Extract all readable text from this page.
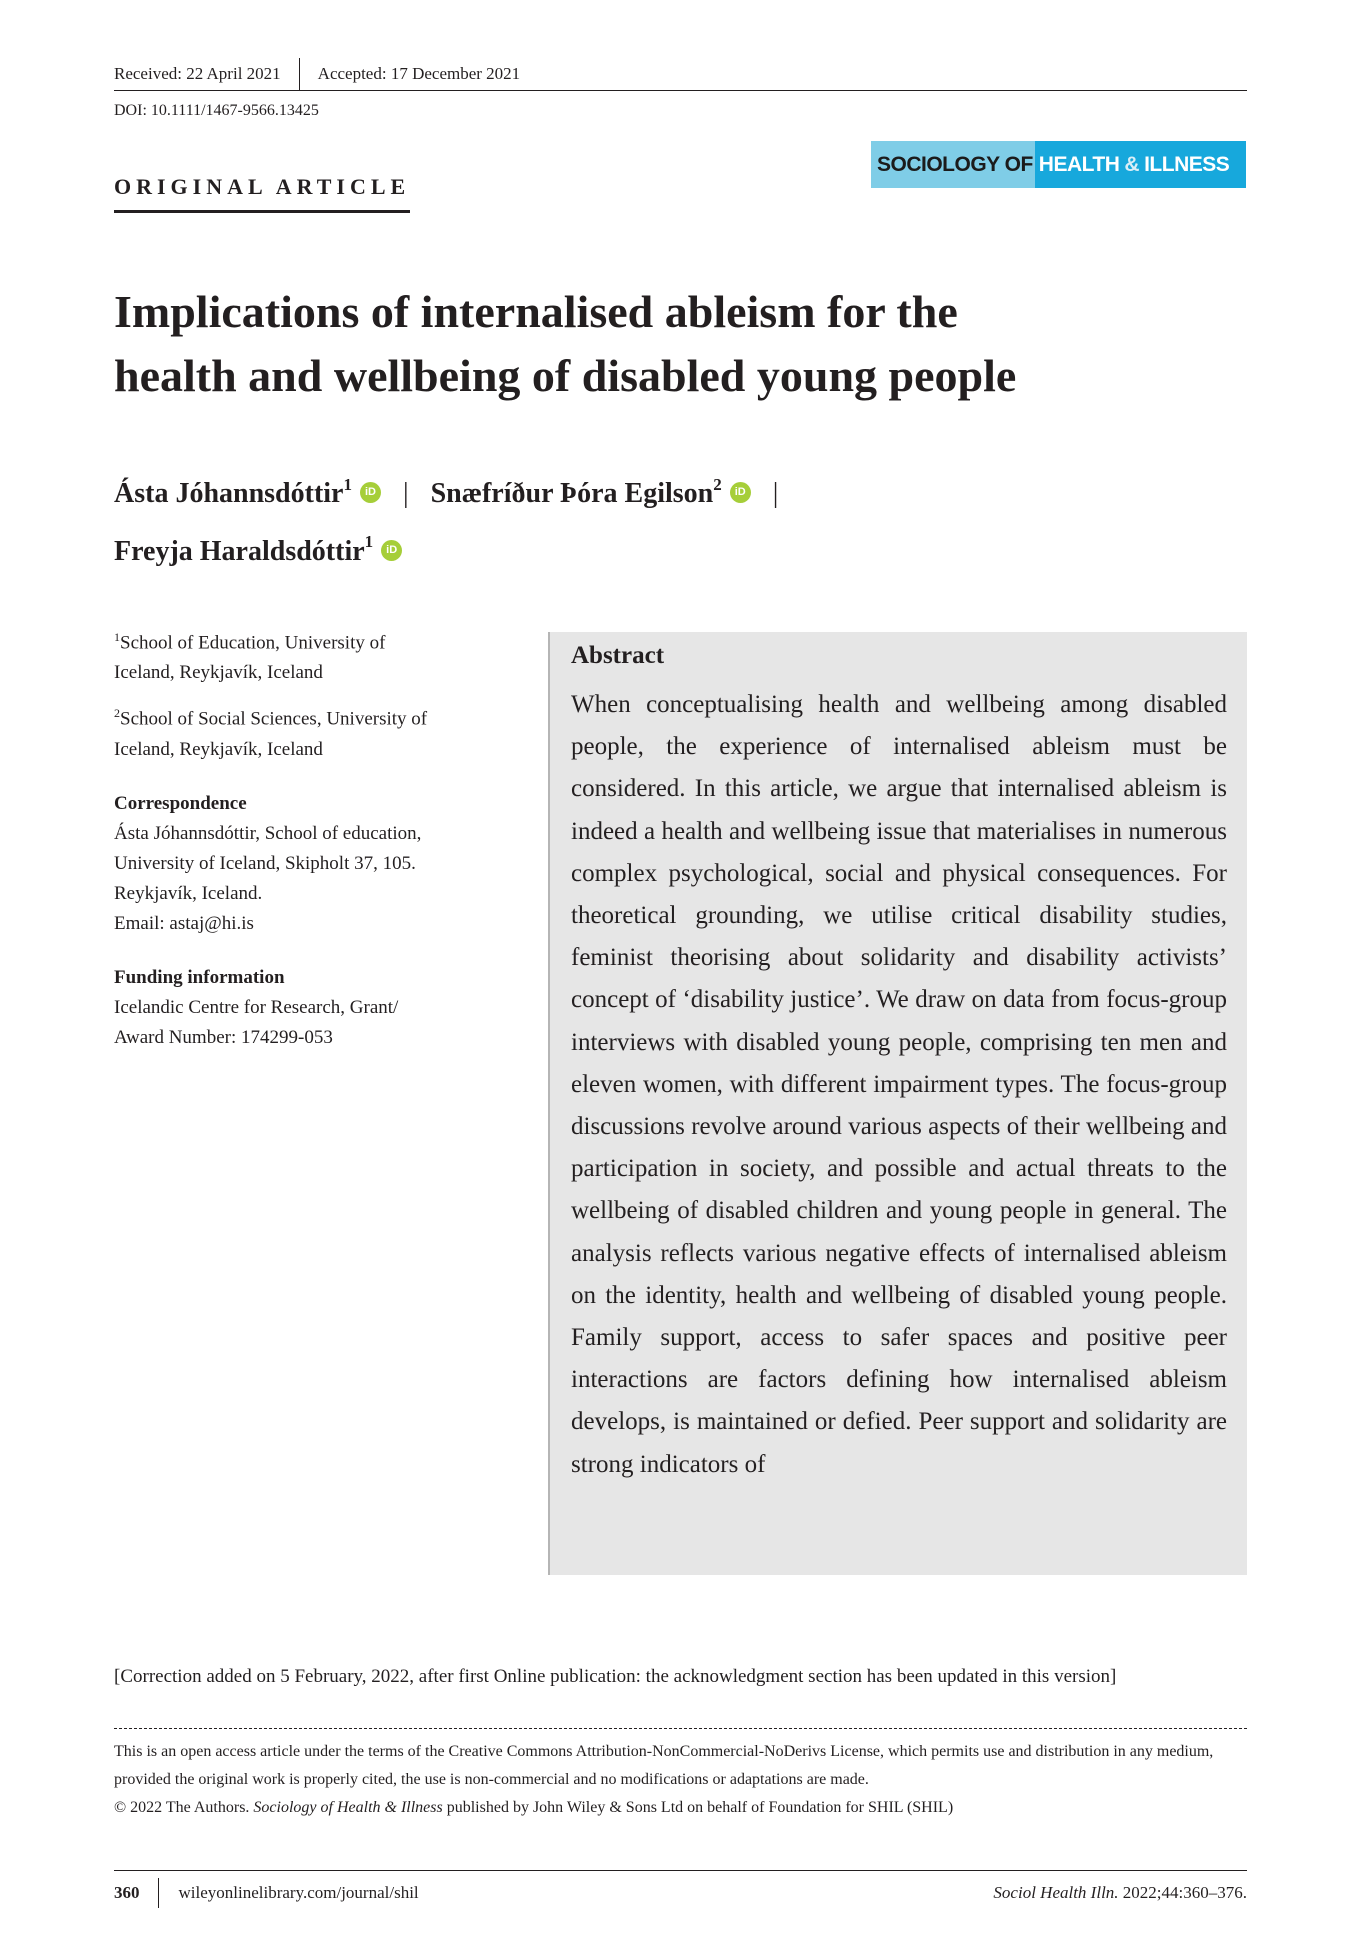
Received: 22 April 2021 Accepted: 17 December 2021
DOI: 10.1111/1467-9566.13425
ORIGINAL ARTICLE
SOCIOLOGY OF HEALTH & ILLNESS
Implications of internalised ableism for the
health and wellbeing of disabled young people
Ásta Jóhannsdóttir$^1$ iD | Snæfríður Þóra Egilson$^2$ iD |
Freyja Haraldsdóttir$^1$ iD

$^1$School of Education, University of
Iceland, Reykjavík, Iceland

$^2$School of Social Sciences, University of
Iceland, Reykjavík, Iceland

Correspondence

Ásta Jóhannsdóttir, School of education,
University of Iceland, Skipholt 37, 105.
Reykjavík, Iceland.
Email: astaj@hi.is

Funding information

Icelandic Centre for Research, Grant/
Award Number: 174299-053

Abstract

When conceptualising health and wellbeing among disabled people, the experience of internalised ableism must be considered. In this article, we argue that internalised ableism is indeed a health and wellbeing issue that materialises in numerous complex psychological, social and physical consequences. For theoretical grounding, we utilise critical disability studies, feminist theorising about solidarity and disability activists’ concept of ‘disability justice’. We draw on data from focus-group interviews with disabled young people, comprising ten men and eleven women, with different impairment types. The focus-group discussions revolve around various aspects of their wellbeing and participation in society, and possible and actual threats to the wellbeing of disabled children and young people in general. The analysis reflects various negative effects of internalised ableism on the identity, health and wellbeing of disabled young people. Family support, access to safer spaces and positive peer interactions are factors defining how internalised ableism develops, is maintained or defied. Peer support and solidarity are strong indicators of

[Correction added on 5 February, 2022, after first Online publication: the acknowledgment section has been updated in this version]
This is an open access article under the terms of the Creative Commons Attribution-NonCommercial-NoDerivs License, which permits use and distribution in any medium, provided the original work is properly cited, the use is non-commercial and no modifications or adaptations are made.
© 2022 The Authors. Sociology of Health & Illness published by John Wiley & Sons Ltd on behalf of Foundation for SHIL (SHIL)
360 wileyonlinelibrary.com/journal/shil	Sociol Health Illn. 2022;44:360–376.
